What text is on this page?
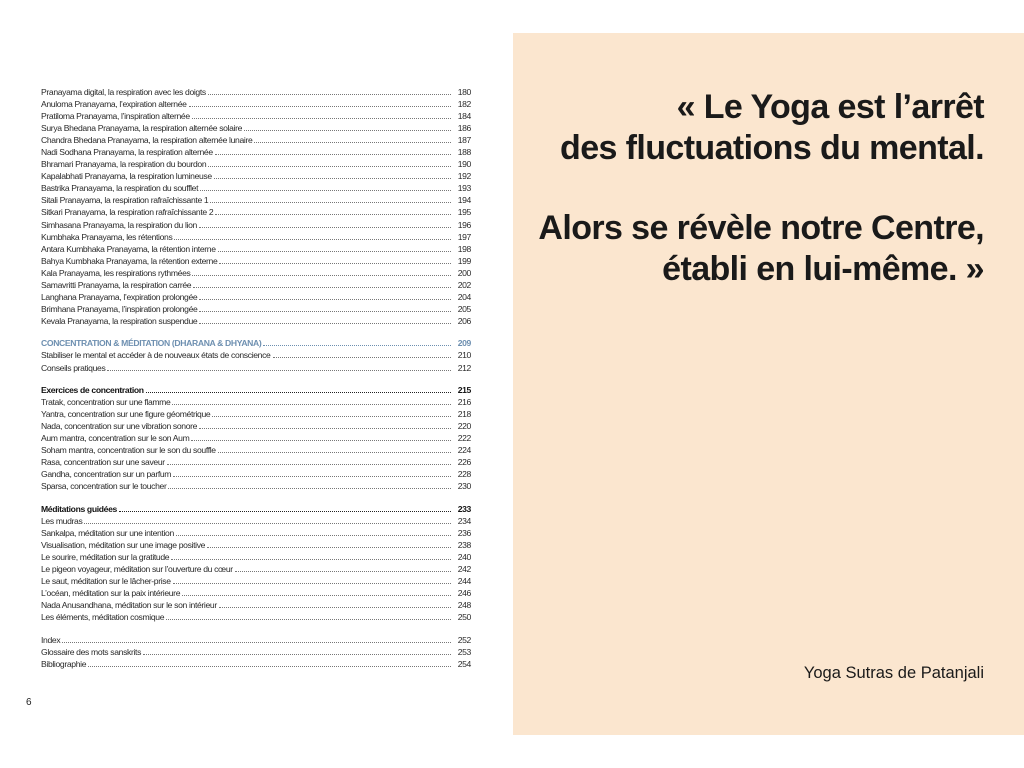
Pranayama digital, la respiration avec les doigts	180
Anuloma Pranayama, l’expiration alternée	182
Pratiloma Pranayama, l’inspiration alternée	184
Surya Bhedana Pranayama, la respiration alternée solaire	186
Chandra Bhedana Pranayama, la respiration alternée lunaire	187
Nadi Sodhana Pranayama, la respiration alternée	188
Bhramari Pranayama, la respiration du bourdon	190
Kapalabhati Pranayama, la respiration lumineuse	192
Bastrika Pranayama, la respiration du soufflet	193
Sitali Pranayama, la respiration rafraîchissante 1	194
Sitkari Pranayama, la respiration rafraîchissante 2	195
Simhasana Pranayama, la respiration du lion	196
Kumbhaka Pranayama, les rétentions	197
Antara Kumbhaka Pranayama, la rétention interne	198
Bahya Kumbhaka Pranayama, la rétention externe	199
Kala Pranayama, les respirations rythmées	200
Samavritti Pranayama, la respiration carrée	202
Langhana Pranayama, l’expiration prolongée	204
Brimhana Pranayama, l’inspiration prolongée	205
Kevala Pranayama, la respiration suspendue	206
CONCENTRATION & MÉDITATION (DHARANA & DHYANA)	209
Stabiliser le mental et accéder à de nouveaux états de conscience	210
Conseils pratiques	212
Exercices de concentration	215
Tratak, concentration sur une flamme	216
Yantra, concentration sur une figure géométrique	218
Nada, concentration sur une vibration sonore	220
Aum mantra, concentration sur le son Aum	222
Soham mantra, concentration sur le son du souffle	224
Rasa, concentration sur une saveur	226
Gandha, concentration sur un parfum	228
Sparsa, concentration sur le toucher	230
Méditations guidées	233
Les mudras	234
Sankalpa, méditation sur une intention	236
Visualisation, méditation sur une image positive	238
Le sourire, méditation sur la gratitude	240
Le pigeon voyageur, méditation sur l’ouverture du cœur	242
Le saut, méditation sur le lâcher-prise	244
L’océan, méditation sur la paix intérieure	246
Nada Anusandhana, méditation sur le son intérieur	248
Les éléments, méditation cosmique	250
Index	252
Glossaire des mots sanskrits	253
Bibliographie	254
6

« Le Yoga est l’arrêt

des fluctuations du mental.

Alors se révèle notre Centre,

établi en lui-même. »

Yoga Sutras de Patanjali
